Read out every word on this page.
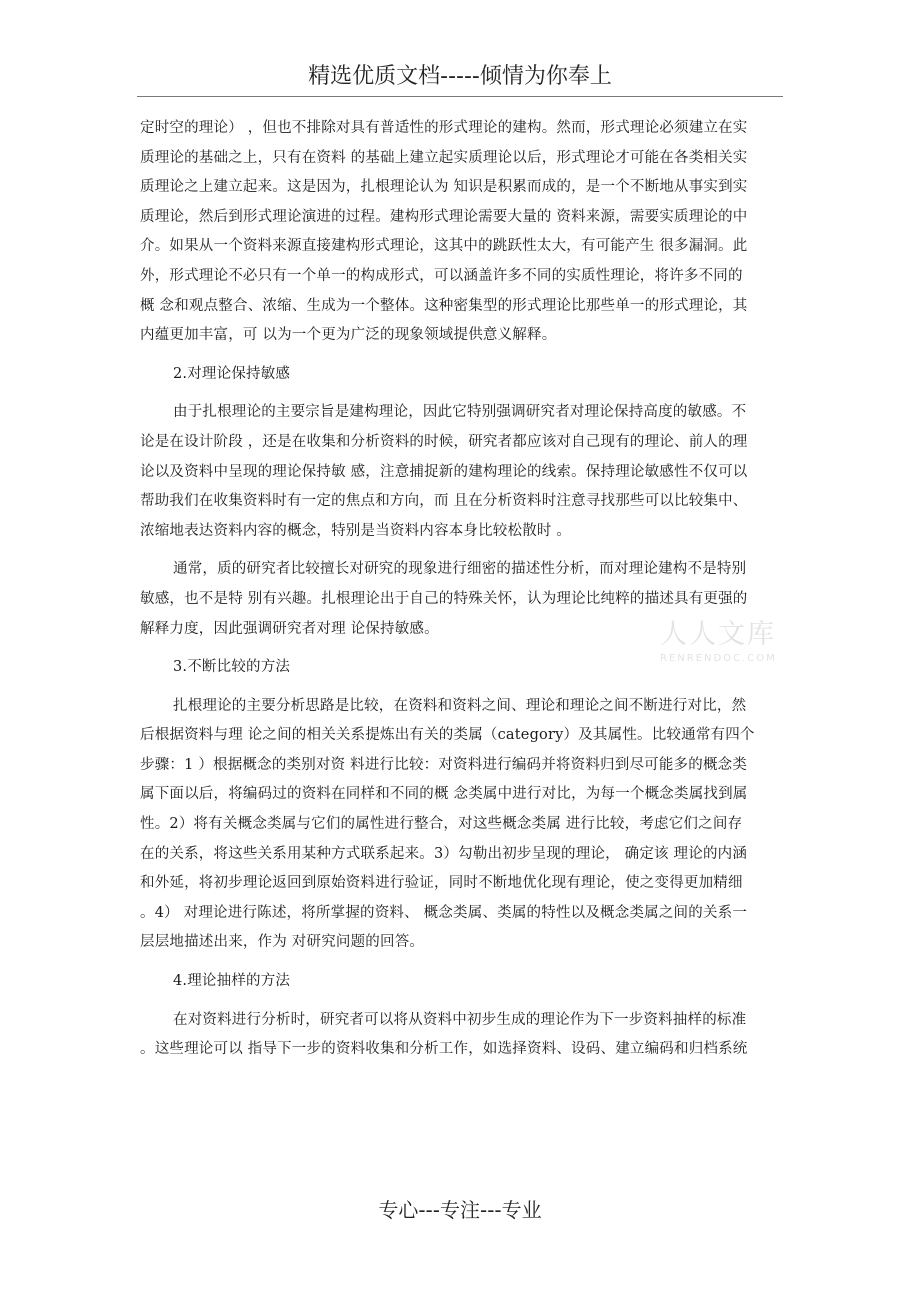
精选优质文档-----倾情为你奉上
定时空的理论） ，但也不排除对具有普适性的形式理论的建构。然而，形式理论必须建立在实
质理论的基础之上，只有在资料 的基础上建立起实质理论以后，形式理论才可能在各类相关实
质理论之上建立起来。这是因为，扎根理论认为 知识是积累而成的，是一个不断地从事实到实
质理论，然后到形式理论演进的过程。建构形式理论需要大量的 资料来源，需要实质理论的中
介。如果从一个资料来源直接建构形式理论，这其中的跳跃性太大，有可能产生 很多漏洞。此
外，形式理论不必只有一个单一的构成形式，可以涵盖许多不同的实质性理论，将许多不同的
概 念和观点整合、浓缩、生成为一个整体。这种密集型的形式理论比那些单一的形式理论，其
内蕴更加丰富，可 以为一个更为广泛的现象领域提供意义解释。
2.对理论保持敏感
由于扎根理论的主要宗旨是建构理论，因此它特别强调研究者对理论保持高度的敏感。不
论是在设计阶段 ，还是在收集和分析资料的时候，研究者都应该对自己现有的理论、前人的理
论以及资料中呈现的理论保持敏 感，注意捕捉新的建构理论的线索。保持理论敏感性不仅可以
帮助我们在收集资料时有一定的焦点和方向，而 且在分析资料时注意寻找那些可以比较集中、
浓缩地表达资料内容的概念，特别是当资料内容本身比较松散时 。
通常，质的研究者比较擅长对研究的现象进行细密的描述性分析，而对理论建构不是特别
敏感，也不是特 别有兴趣。扎根理论出于自己的特殊关怀，认为理论比纯粹的描述具有更强的
解释力度，因此强调研究者对理 论保持敏感。
3.不断比较的方法
扎根理论的主要分析思路是比较，在资料和资料之间、理论和理论之间不断进行对比，然
后根据资料与理 论之间的相关关系提炼出有关的类属（category）及其属性。比较通常有四个
步骤：1 ）根据概念的类别对资 料进行比较：对资料进行编码并将资料归到尽可能多的概念类
属下面以后，将编码过的资料在同样和不同的概 念类属中进行对比，为每一个概念类属找到属
性。2）将有关概念类属与它们的属性进行整合，对这些概念类属 进行比较，考虑它们之间存
在的关系，将这些关系用某种方式联系起来。3）勾勒出初步呈现的理论， 确定该 理论的内涵
和外延，将初步理论返回到原始资料进行验证，同时不断地优化现有理论，使之变得更加精细
。4） 对理论进行陈述，将所掌握的资料、 概念类属、类属的特性以及概念类属之间的关系一
层层地描述出来，作为 对研究问题的回答。
4.理论抽样的方法
在对资料进行分析时，研究者可以将从资料中初步生成的理论作为下一步资料抽样的标准
。这些理论可以 指导下一步的资料收集和分析工作，如选择资料、设码、建立编码和归档系统
人人文库
RENRENDOC.COM
专心---专注---专业
